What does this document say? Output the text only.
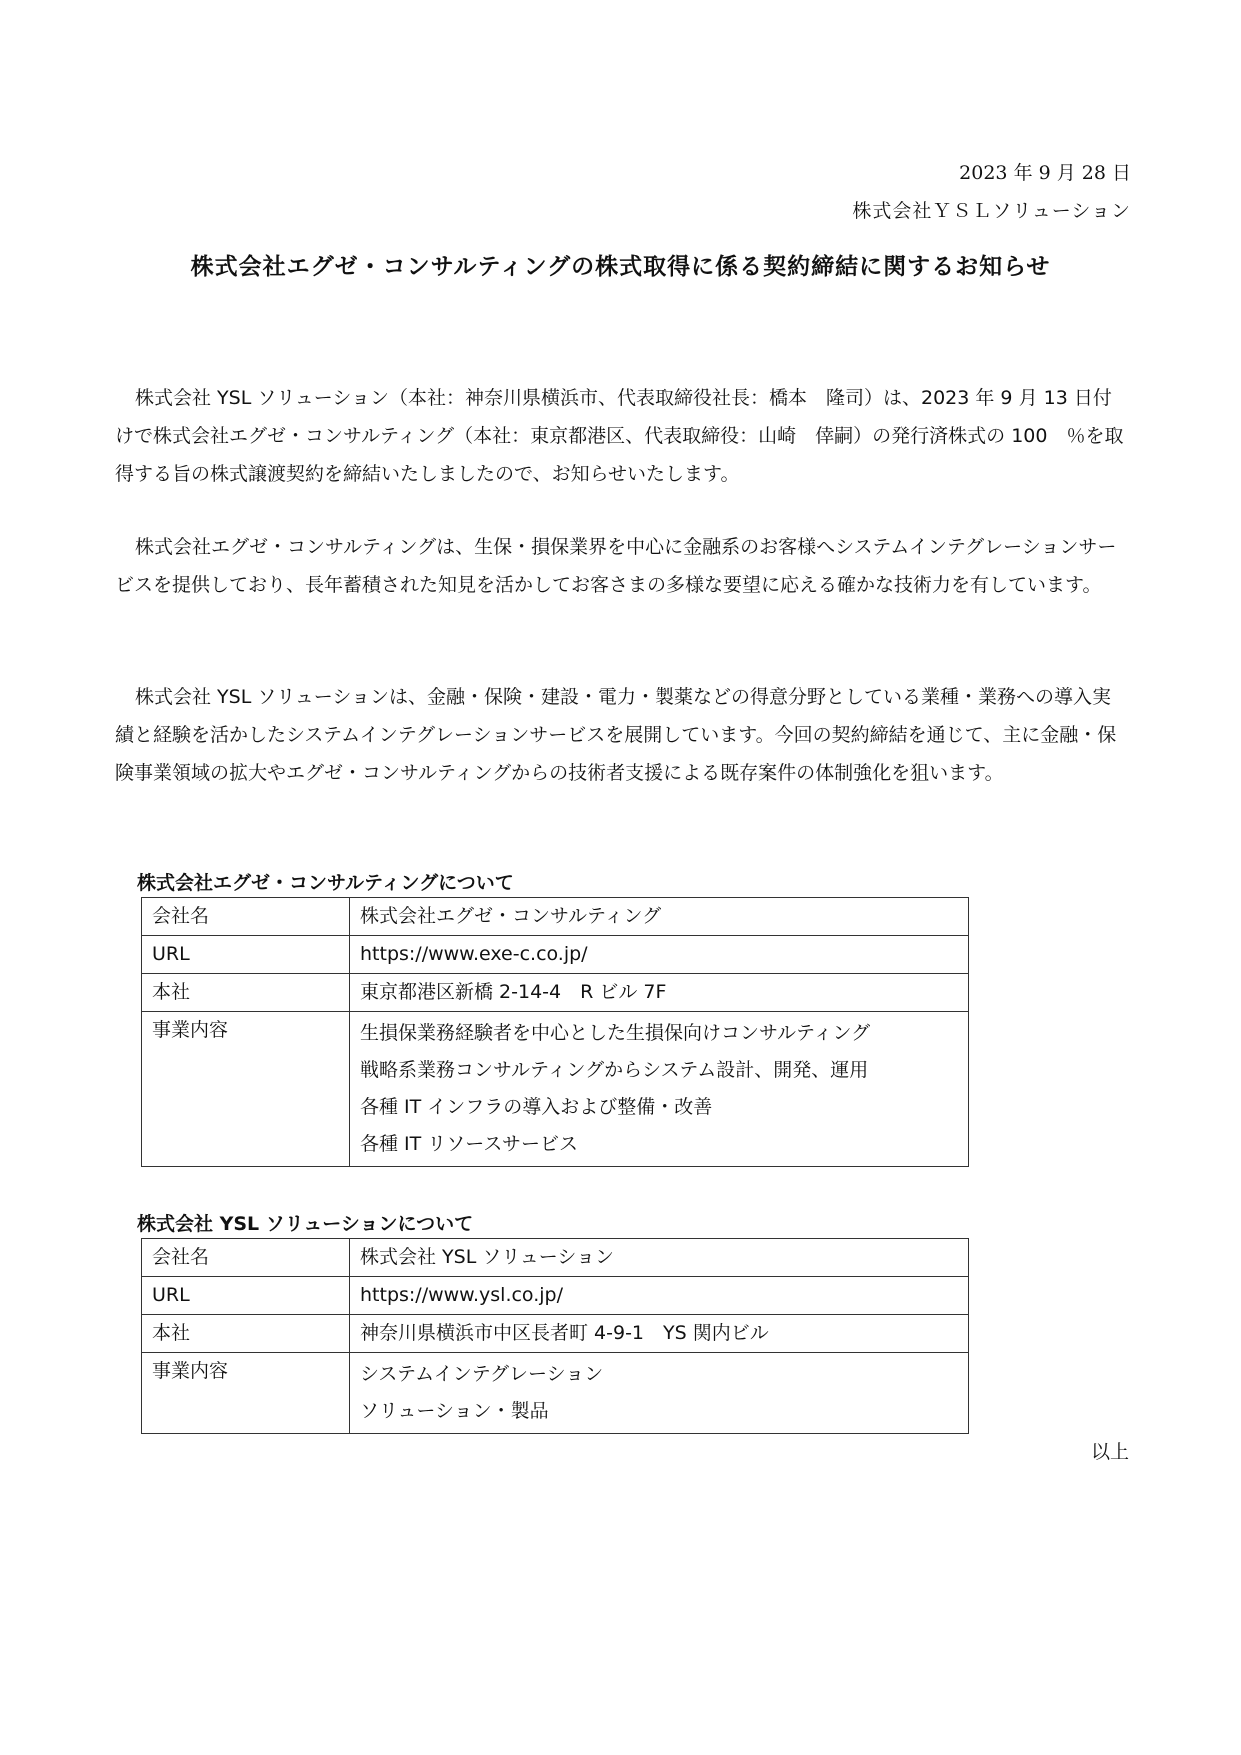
2023 年 9 月 28 日
株式会社ＹＳＬソリューション
株式会社エグゼ・コンサルティングの株式取得に係る契約締結に関するお知らせ

株式会社 YSL ソリューション（本社：神奈川県横浜市、代表取締役社長：橋本　隆司）は、2023 年 9 月 13 日付けで株式会社エグゼ・コンサルティング（本社：東京都港区、代表取締役：山崎　倖嗣）の発行済株式の 100　％を取得する旨の株式譲渡契約を締結いたしましたので、お知らせいたします。

株式会社エグゼ・コンサルティングは、生保・損保業界を中心に金融系のお客様へシステムインテグレーションサービスを提供しており、長年蓄積された知見を活かしてお客さまの多様な要望に応える確かな技術力を有しています。

株式会社 YSL ソリューションは、金融・保険・建設・電力・製薬などの得意分野としている業種・業務への導入実績と経験を活かしたシステムインテグレーションサービスを展開しています。今回の契約締結を通じて、主に金融・保険事業領域の拡大やエグゼ・コンサルティングからの技術者支援による既存案件の体制強化を狙います。

株式会社エグゼ・コンサルティングについて
会社名	株式会社エグゼ・コンサルティング
URL	https://www.exe-c.co.jp/
本社	東京都港区新橋 2-14-4　R ビル 7F
事業内容	生損保業務経験者を中心とした生損保向けコンサルティング
戦略系業務コンサルティングからシステム設計、開発、運用
各種 IT インフラの導入および整備・改善
各種 IT リソースサービス
株式会社 YSL ソリューションについて
会社名	株式会社 YSL ソリューション
URL	https://www.ysl.co.jp/
本社	神奈川県横浜市中区長者町 4-9-1　YS 関内ビル
事業内容	システムインテグレーション
ソリューション・製品
以上
